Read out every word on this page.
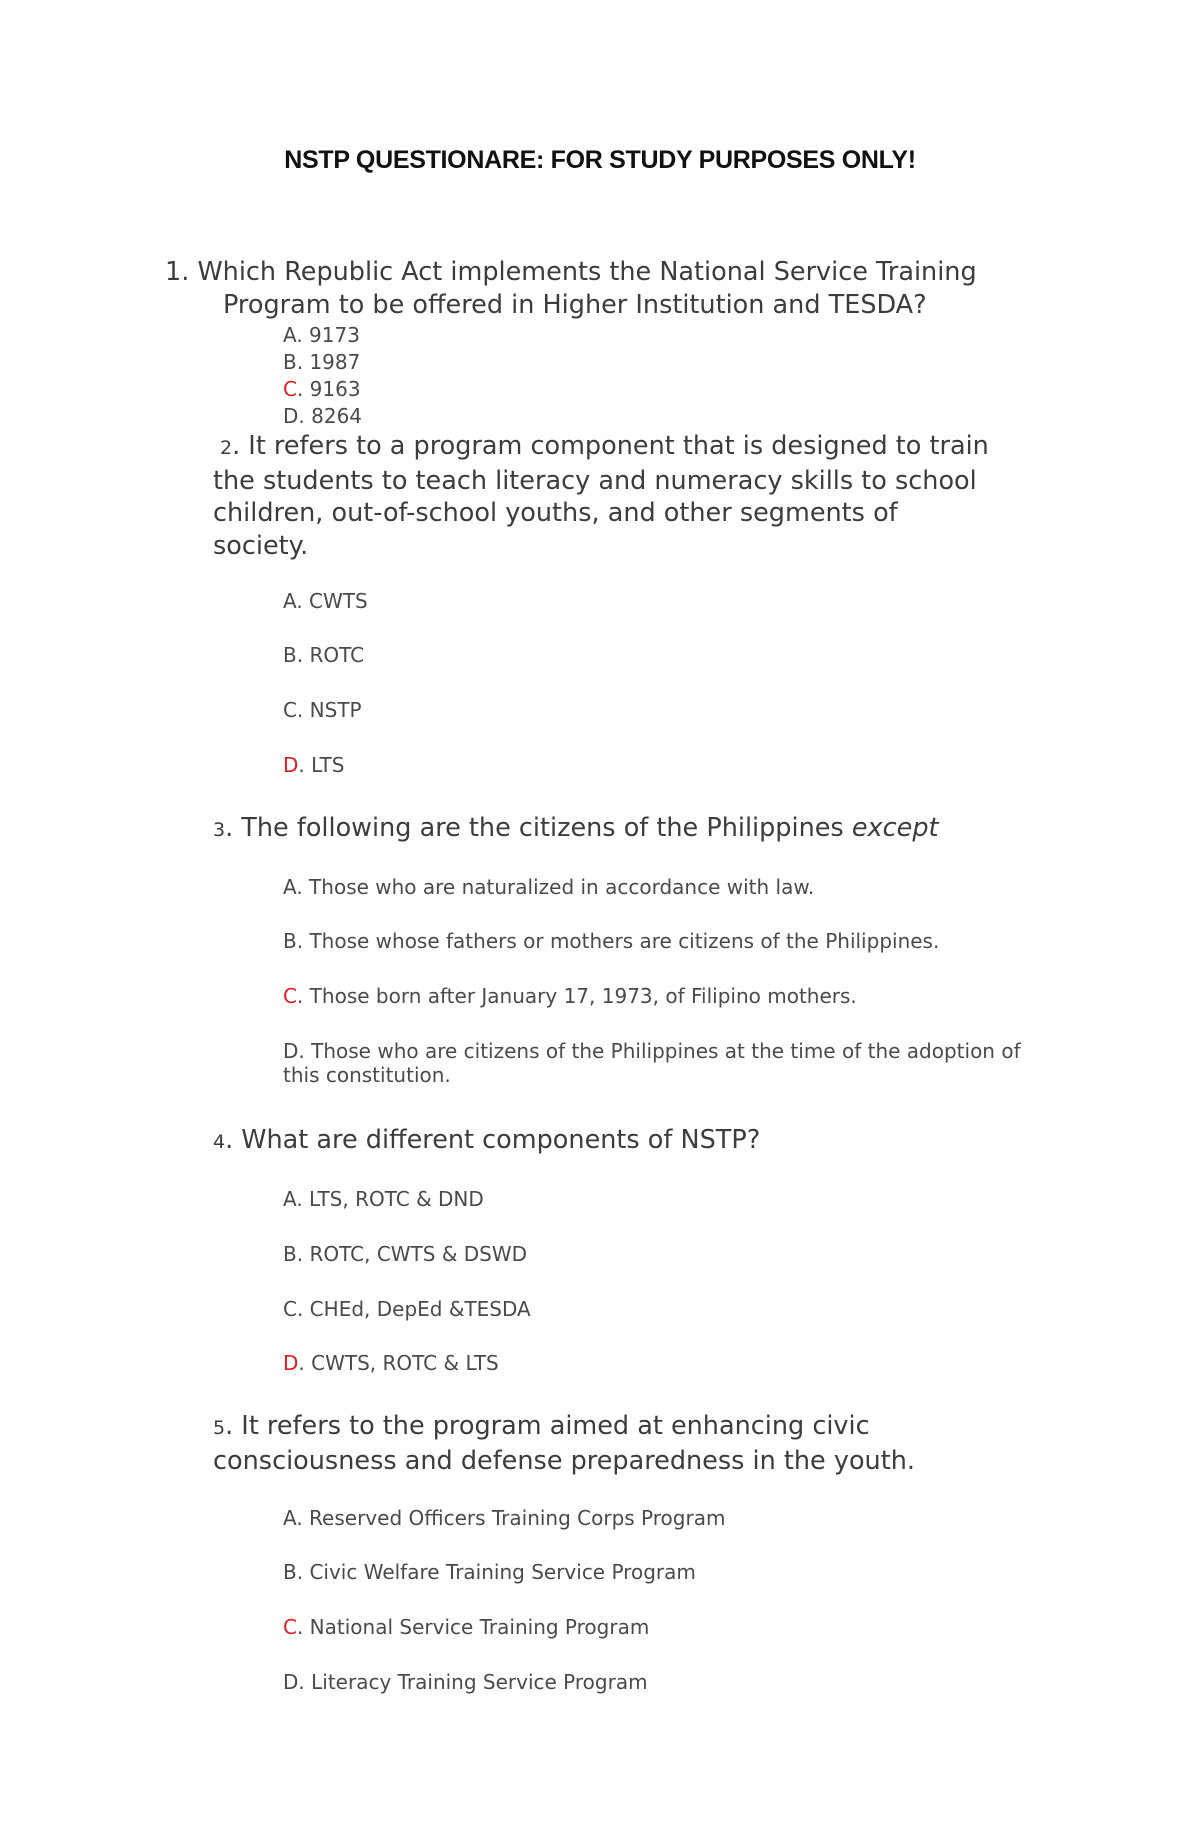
NSTP QUESTIONARE: FOR STUDY PURPOSES ONLY!
1. Which Republic Act implements the National Service Training
Program to be offered in Higher Institution and TESDA?
A. 9173
B. 1987
C. 9163
D. 8264
2. It refers to a program component that is designed to train
the students to teach literacy and numeracy skills to school
children, out-of-school youths, and other segments of
society.
A. CWTS
B. ROTC
C. NSTP
D. LTS
3. The following are the citizens of the Philippines except
A. Those who are naturalized in accordance with law.
B. Those whose fathers or mothers are citizens of the Philippines.
C. Those born after January 17, 1973, of Filipino mothers.
D. Those who are citizens of the Philippines at the time of the adoption of this constitution.
4. What are different components of NSTP?
A. LTS, ROTC & DND
B. ROTC, CWTS & DSWD
C. CHEd, DepEd &TESDA
D. CWTS, ROTC & LTS
5. It refers to the program aimed at enhancing civic
consciousness and defense preparedness in the youth.
A. Reserved Officers Training Corps Program
B. Civic Welfare Training Service Program
C. National Service Training Program
D. Literacy Training Service Program
